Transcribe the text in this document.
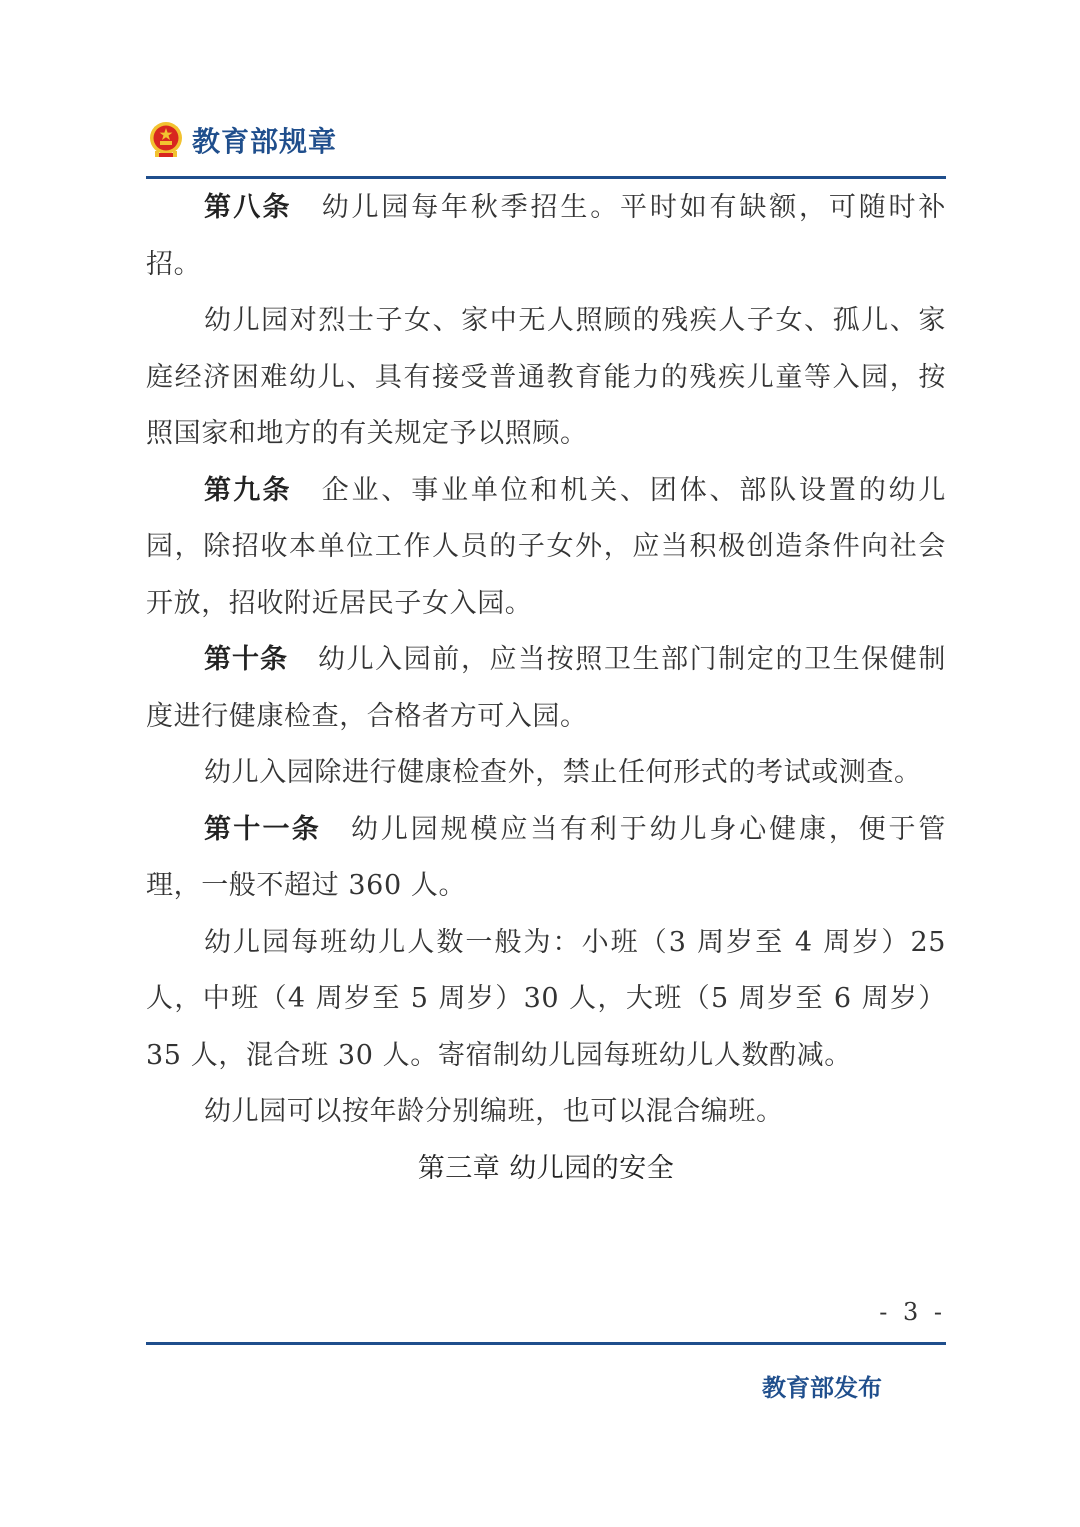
教育部规章

第八条 幼儿园每年秋季招生。平时如有缺额，可随时补招。

幼儿园对烈士子女、家中无人照顾的残疾人子女、孤儿、家庭经济困难幼儿、具有接受普通教育能力的残疾儿童等入园，按照国家和地方的有关规定予以照顾。

第九条 企业、事业单位和机关、团体、部队设置的幼儿园，除招收本单位工作人员的子女外，应当积极创造条件向社会开放，招收附近居民子女入园。

第十条 幼儿入园前，应当按照卫生部门制定的卫生保健制度进行健康检查，合格者方可入园。

幼儿入园除进行健康检查外，禁止任何形式的考试或测查。

第十一条 幼儿园规模应当有利于幼儿身心健康，便于管理，一般不超过 360 人。

幼儿园每班幼儿人数一般为：小班（3 周岁至 4 周岁）25 人，中班（4 周岁至 5 周岁）30 人，大班（5 周岁至 6 周岁）35 人，混合班 30 人。寄宿制幼儿园每班幼儿人数酌减。

幼儿园可以按年龄分别编班，也可以混合编班。

第三章 幼儿园的安全
- 3 -
教育部发布
